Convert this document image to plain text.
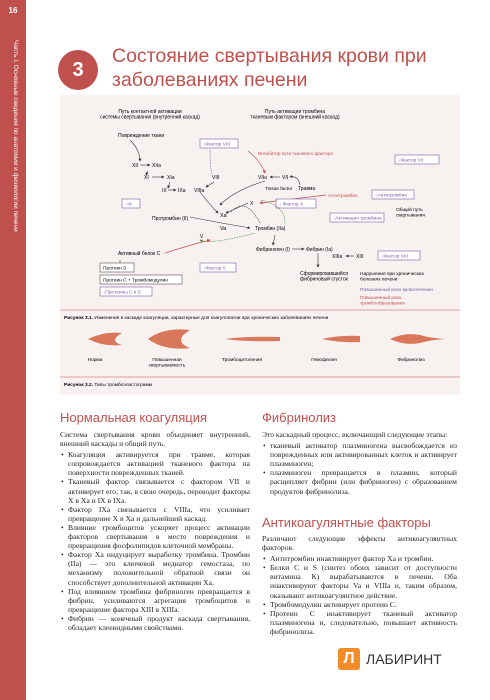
16
Часть I. Основные сведения по анатомии и физиологии печени	3
Состояние свертывания крови при заболеваниях печени
Путь контактной активации системы свертывания (внутренний каскад)
Путь активации тромбина тканевым фактором (внешний каскад)
Повреждение ткани
↓Фактор VIII
Ингибитор пути тканевого фактора
↓Фактор VII
XII	XIIa
XI	XIa
IX IXa VIIIa
VIII	VIIa	VII
Травма
Tissue factor
X
Xa
↓IX
Антитромбин	↓Антитромбин
↓ Фактор X
↓Активация тромбина
Общий путь свертывания
Протромбин (II)
Va
V
Тромбин (IIa)
Фибриноген (I)	Фибрин (Ia)
XIIIa	XIII	↓Фактор XIII
Сформировавшийся фибриновый сгусток
Активный белок С
Протеин S
Протеин С + Тромбомодулин
↓Протеины С и S
↓Фактор V
Нарушения при хронических болезнях печени
Повышенный риск кровотечения
Повышенный риск тромбообразования
Рисунок 3.1. Изменения в каскаде коагуляции, характерные для коагулопатии при хронических заболеваниях печени
Норма	Повышенная свертываемость
Тромбоцитопения	Гемофилия	Фибринолиз
Рисунок 3.2. Типы тромбоэластограмм
Нормальная коагуляция

Система свертывания крови объединяет внутренний, внешний каскады и общий путь.

• Коагуляция активируется при травме, которая сопровождается активацией тканевого фактора на поверхности поврежденных тканей.
• Тканевый фактор связывается с фактором VII и активирует его; так, в свою очередь, переводит факторы X в Xa и IX в IXa.
• Фактор IXa связывается с VIIIa, что усиливает превращение X в Xa и дальнейший каскад.
• Влияние тромбоцитов ускоряет процесс активации факторов свертывания в месте повреждения и превращения фосфолипидов клеточной мембраны.
• Фактор Xa индуцирует выработку тромбина. Тромбин (IIa) — это ключевой медиатор гемостаза, по механизму положительной обратной связи он способствует дополнительной активации Xa.
• Под влиянием тромбина фибриноген превращается в фибрин, усиливаются агрегация тромбоцитов и превращение фактора XIII в XIIIa.
• Фибрин — конечный продукт каскада свертывания, обладает клеевидными свойствами.
Фибринолиз

Это каскадный процесс, включающий следующие этапы:

• тканевый активатор плазминогена высвобождается из поврежденных или активированных клеток и активирует плазминоген;
• плазминоген превращается в плазмин, который расщепляет фибрин (или фибриноген) с образованием продуктов фибринолиза.
Антикоагулянтные факторы

Различают следующие эффекты антикоагулянтных факторов.

• Антитромбин инактивирует фактор Xa и тромбин.
• Белки С и S (синтез обоих зависит от доступности витамина К) вырабатываются в печени. Оба инактивируют факторы Va и VIIIa и, таким образом, оказывают антикоагулянтное действие.
• Тромбомодулин активирует протеин С.
• Протеин С инактивирует тканевый активатор плазминогена и, следовательно, повышает активность фибринолиза.
Л ЛАБИРИНТ
